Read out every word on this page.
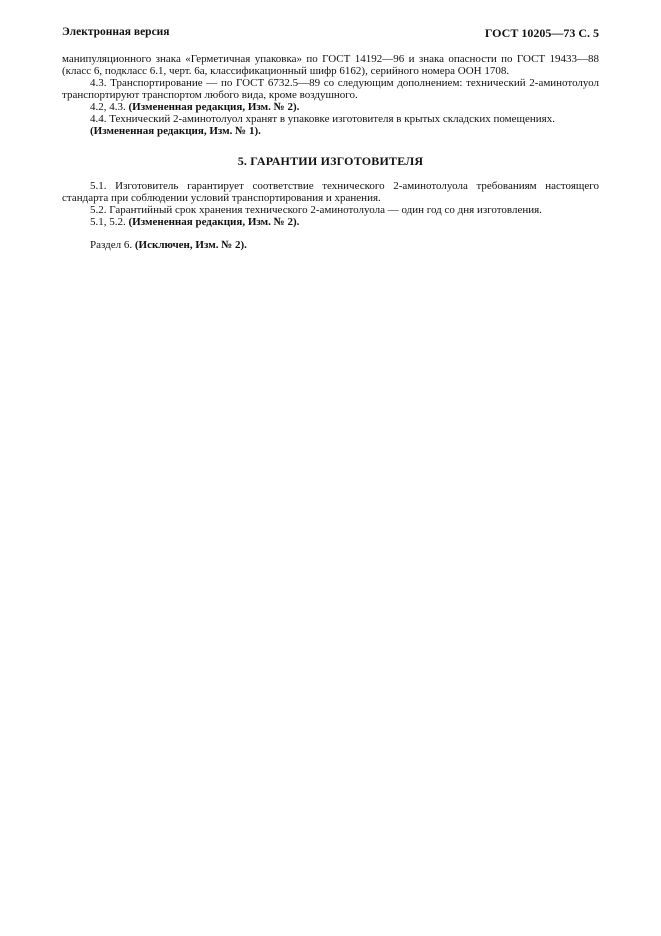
Электронная версия	ГОСТ 10205—73 С. 5

манипуляционного знака «Герметичная упаковка» по ГОСТ 14192—96 и знака опасности по ГОСТ 19433—88 (класс 6, подкласс 6.1, черт. 6а, классификационный шифр 6162), серийного номера ООН 1708.

4.3. Транспортирование — по ГОСТ 6732.5—89 со следующим дополнением: технический 2-аминотолуол транспортируют транспортом любого вида, кроме воздушного.

4.2, 4.3. (Измененная редакция, Изм. № 2).

4.4. Технический 2-аминотолуол хранят в упаковке изготовителя в крытых складских помещениях.

(Измененная редакция, Изм. № 1).

5. ГАРАНТИИ ИЗГОТОВИТЕЛЯ

5.1. Изготовитель гарантирует соответствие технического 2-аминотолуола требованиям настоящего стандарта при соблюдении условий транспортирования и хранения.

5.2. Гарантийный срок хранения технического 2-аминотолуола — один год со дня изготовления.

5.1, 5.2. (Измененная редакция, Изм. № 2).

Раздел 6. (Исключен, Изм. № 2).
